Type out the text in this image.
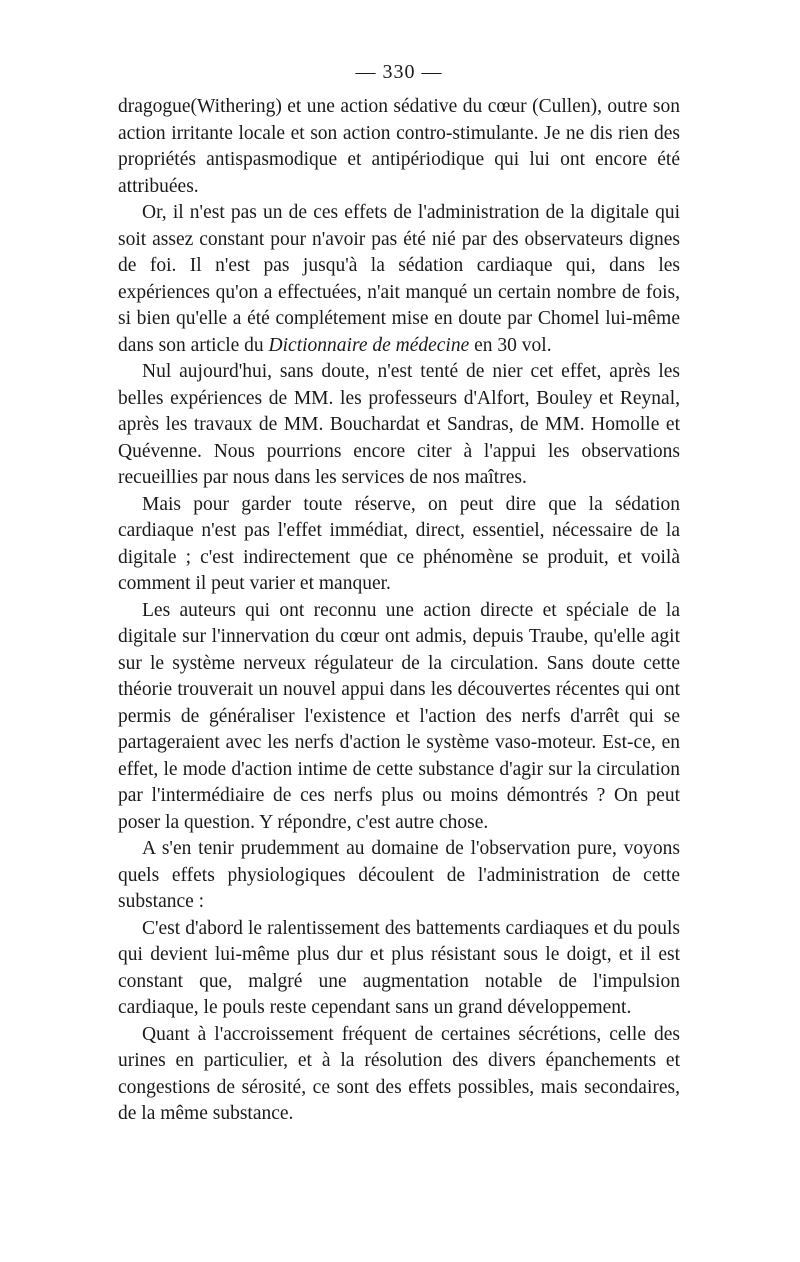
— 330 —

dragogue(Withering) et une action sédative du cœur (Cullen), outre son action irritante locale et son action contro-stimulante. Je ne dis rien des propriétés antispasmodique et antipériodique qui lui ont encore été attribuées.

Or, il n'est pas un de ces effets de l'administration de la digitale qui soit assez constant pour n'avoir pas été nié par des observateurs dignes de foi. Il n'est pas jusqu'à la sédation cardiaque qui, dans les expériences qu'on a effectuées, n'ait manqué un certain nombre de fois, si bien qu'elle a été complétement mise en doute par Chomel lui-même dans son article du Dictionnaire de médecine en 30 vol.

Nul aujourd'hui, sans doute, n'est tenté de nier cet effet, après les belles expériences de MM. les professeurs d'Alfort, Bouley et Reynal, après les travaux de MM. Bouchardat et Sandras, de MM. Homolle et Quévenne. Nous pourrions encore citer à l'appui les observations recueillies par nous dans les services de nos maîtres.

Mais pour garder toute réserve, on peut dire que la sédation cardiaque n'est pas l'effet immédiat, direct, essentiel, nécessaire de la digitale ; c'est indirectement que ce phénomène se produit, et voilà comment il peut varier et manquer.

Les auteurs qui ont reconnu une action directe et spéciale de la digitale sur l'innervation du cœur ont admis, depuis Traube, qu'elle agit sur le système nerveux régulateur de la circulation. Sans doute cette théorie trouverait un nouvel appui dans les découvertes récentes qui ont permis de généraliser l'existence et l'action des nerfs d'arrêt qui se partageraient avec les nerfs d'action le système vaso-moteur. Est-ce, en effet, le mode d'action intime de cette substance d'agir sur la circulation par l'intermédiaire de ces nerfs plus ou moins démontrés ? On peut poser la question. Y répondre, c'est autre chose.

A s'en tenir prudemment au domaine de l'observation pure, voyons quels effets physiologiques découlent de l'administration de cette substance :

C'est d'abord le ralentissement des battements cardiaques et du pouls qui devient lui-même plus dur et plus résistant sous le doigt, et il est constant que, malgré une augmentation notable de l'impulsion cardiaque, le pouls reste cependant sans un grand développement.

Quant à l'accroissement fréquent de certaines sécrétions, celle des urines en particulier, et à la résolution des divers épanchements et congestions de sérosité, ce sont des effets possibles, mais secondaires, de la même substance.
